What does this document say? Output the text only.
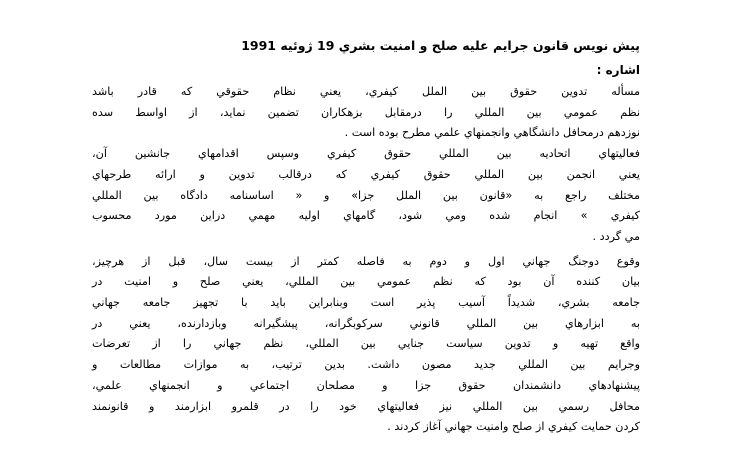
پيش نويس قانون جرايم عليه صلح و امنيت بشري 19 ژوئيه 1991

اشاره :

مسأله تدوين حقوق بين الملل كيفري، يعني نظام حقوقي كه قادر باشد
نظم عمومي بين المللي را درمقابل بزهكاران تضمين نمايد، از اواسط سده
نوزدهم درمحافل دانشگاهي وانجمنهاي علمي مطرح بوده است .
فعاليتهاي اتحاديه بين المللي حقوق كيفري وسپس اقدامهاي جانشين آن،
يعني انجمن بين المللي حقوق كيفري كه درقالب تدوين و ارائه طرحهاي
مختلف راجع به «قانون بين الملل جزا» و « اساسنامه دادگاه بين المللي
كيفري » انجام شده ومي شود، گامهاي اوليه مهمي دراين مورد محسوب
مي گردد .

وقوع دوجنگ جهاني اول و دوم به فاصله كمتر از بيست سال، قبل از هرچيز،
بيان كننده آن بود كه نظم عمومي بين المللي، يعني صلح و امنيت در
جامعه بشري، شديداً آسيب پذير است وبنابراين بايد با تجهيز جامعه جهاني
به ابزارهاي بين المللي قانوني سركوبگرانه، پيشگيرانه وبازدارنده، يعني در
واقع تهيه و تدوين سياست جنايي بين المللي، نظم جهاني را از تعرضات
وجرايم بين المللي جديد مصون داشت. بدين ترتيب، به موازات مطالعات و
پيشنهادهاي دانشمندان حقوق جزا و مصلحان اجتماعي و انجمنهاي علمي،
محافل رسمي بين المللي نيز فعاليتهاي خود را در قلمرو ابزارمند و قانونمند
كردن حمايت كيفري از صلح وامنيت جهاني آغاز كردند .
